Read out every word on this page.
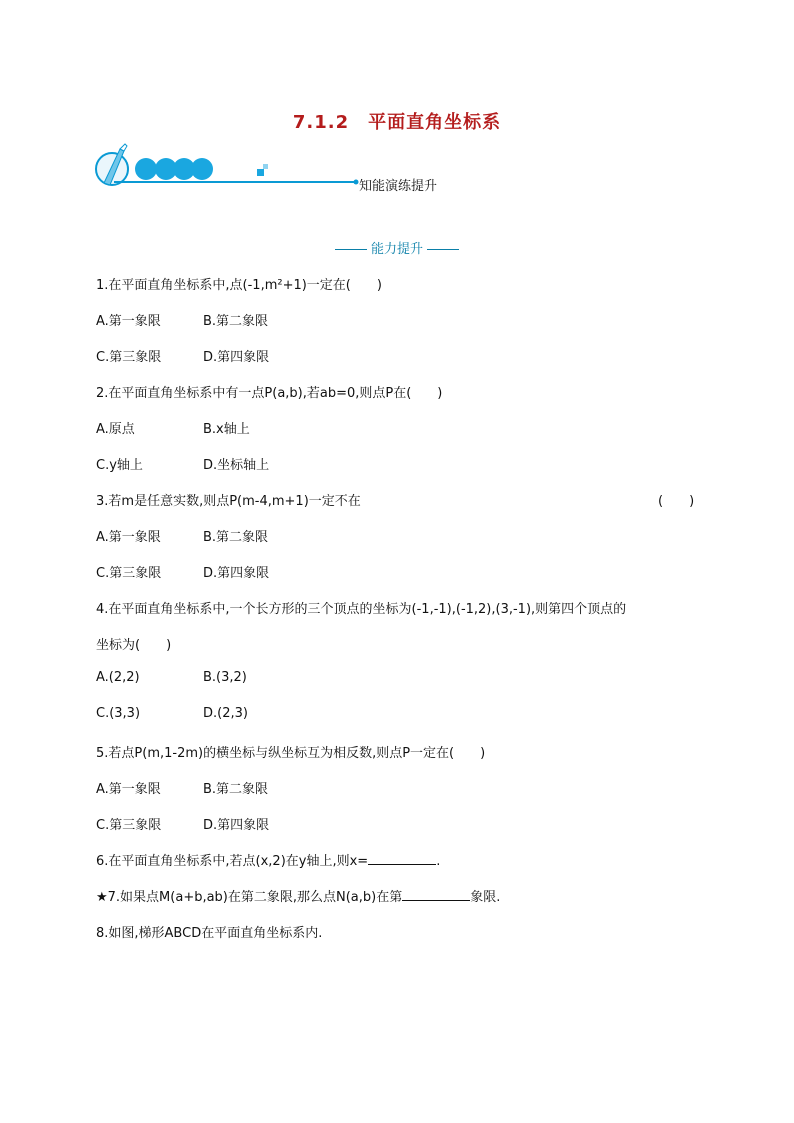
7.1.2　平面直角坐标系
知能演练提升
能力提升
1.在平面直角坐标系中,点(-1,m²+1)一定在(　　)
A.第一象限	B.第二象限
C.第三象限	D.第四象限
2.在平面直角坐标系中有一点P(a,b),若ab=0,则点P在(　　)
A.原点	B.x轴上
C.y轴上	D.坐标轴上
3.若m是任意实数,则点P(m-4,m+1)一定不在	(　　)
A.第一象限	B.第二象限
C.第三象限	D.第四象限
4.在平面直角坐标系中,一个长方形的三个顶点的坐标为(-1,-1),(-1,2),(3,-1),则第四个顶点的
坐标为(　　)
A.(2,2)	B.(3,2)
C.(3,3)	D.(2,3)
5.若点P(m,1-2m)的横坐标与纵坐标互为相反数,则点P一定在(　　)
A.第一象限	B.第二象限
C.第三象限	D.第四象限
6.在平面直角坐标系中,若点(x,2)在y轴上,则x=	.
★7.如果点M(a+b,ab)在第二象限,那么点N(a,b)在第	象限.
8.如图,梯形ABCD在平面直角坐标系内.
